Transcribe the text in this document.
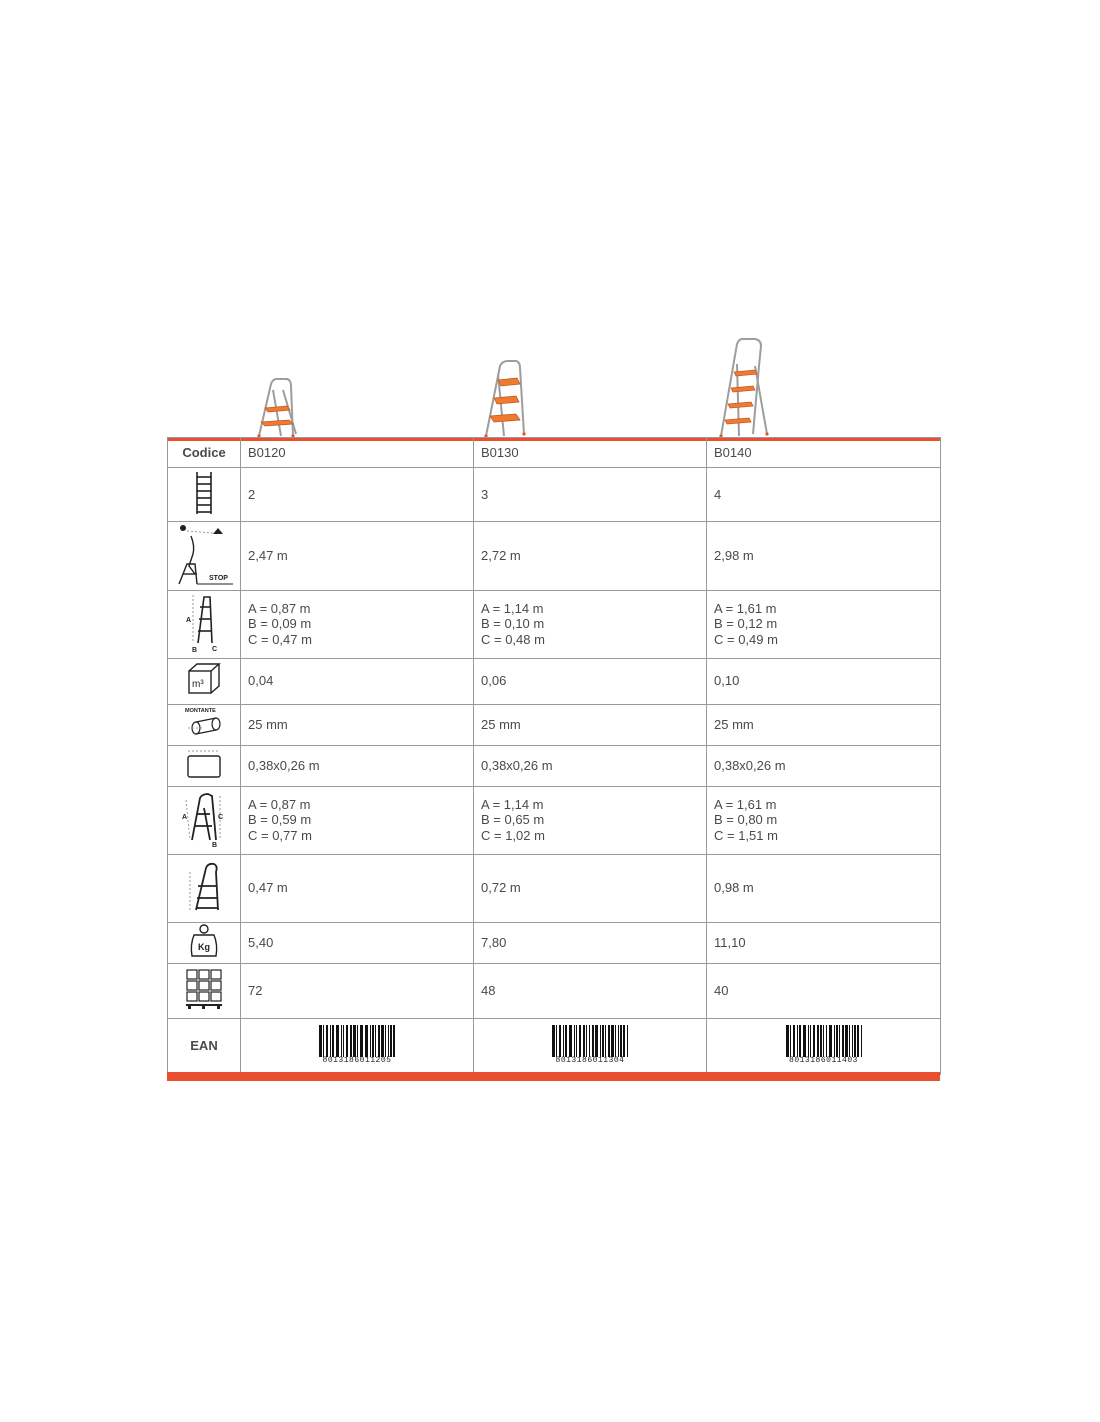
Codice	B0120	B0130	B0140
	2	3	4

STOP	2,47 m	2,72 m	2,98 m

A
B C	A = 0,87 m
B = 0,09 m
C = 0,47 m	A = 1,14 m
B = 0,10 m
C = 0,48 m	A = 1,61 m
B = 0,12 m
C = 0,49 m

m³	0,04	0,06	0,10

MONTANTE	25 mm	25 mm	25 mm
	0,38x0,26 m	0,38x0,26 m	0,38x0,26 m

A C
B	A = 0,87 m
B = 0,59 m
C = 0,77 m	A = 1,14 m
B = 0,65 m
C = 1,02 m	A = 1,61 m
B = 0,80 m
C = 1,51 m

	0,47 m	0,72 m	0,98 m

Kg	5,40	7,80	11,10
	72	48	40
EAN	8013186011205	8013186011304	8013186011403
